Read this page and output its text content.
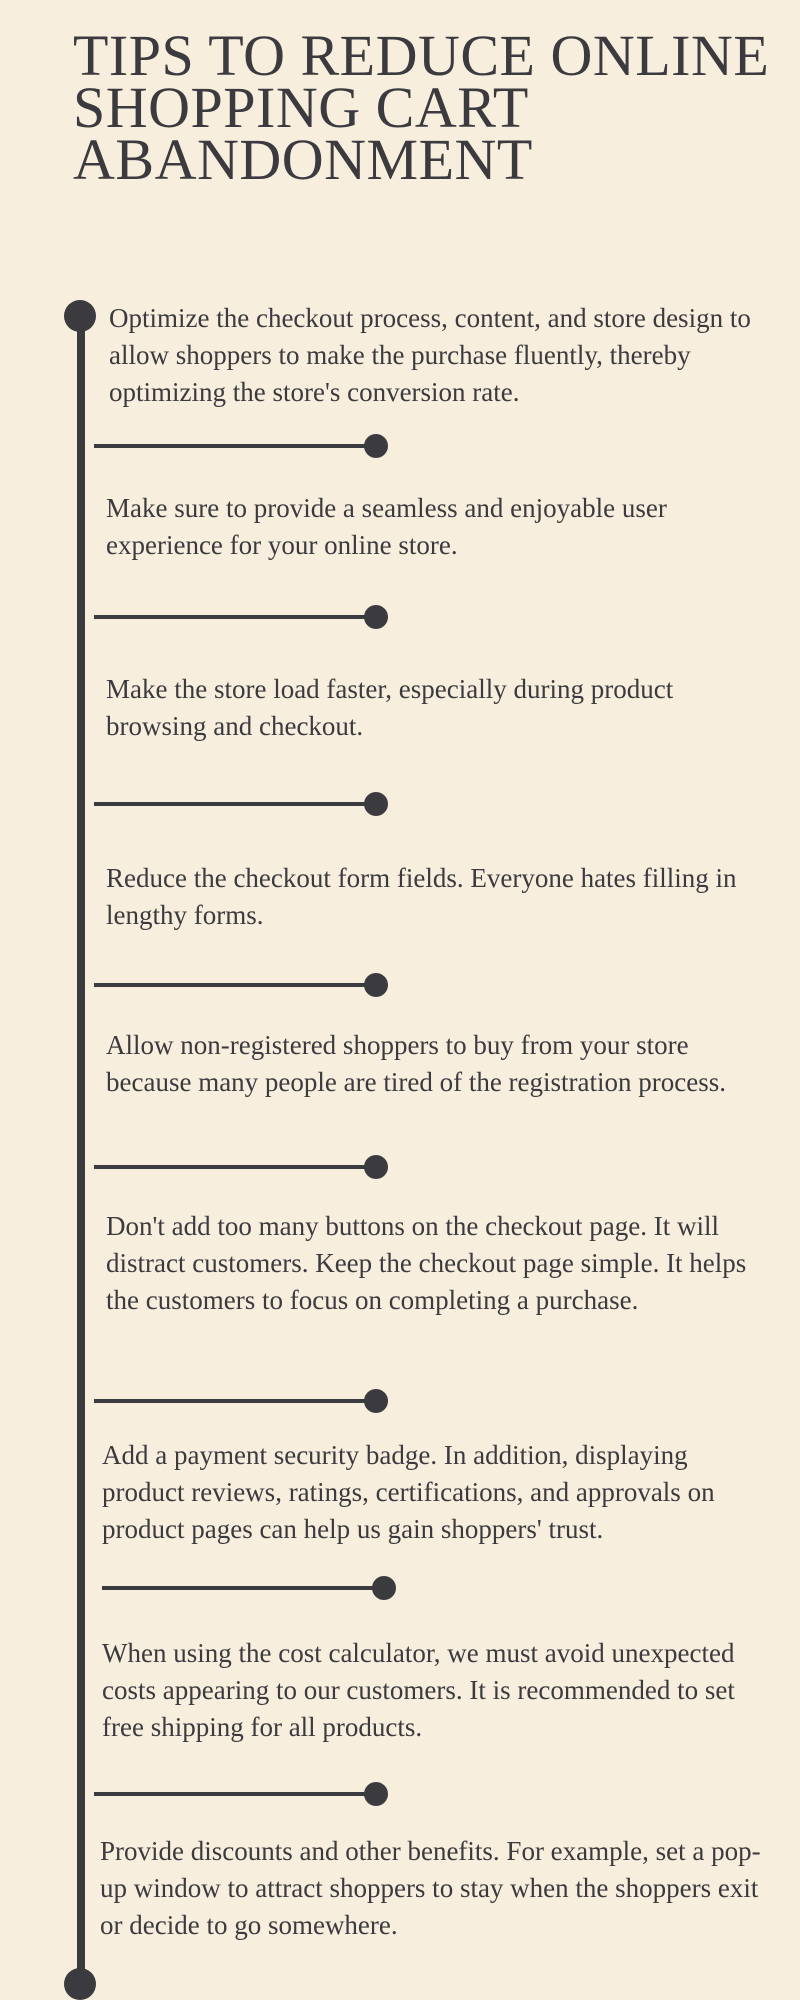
TIPS TO REDUCE ONLINE SHOPPING CART ABANDONMENT

Optimize the checkout process, content, and store design to allow shoppers to make the purchase fluently, thereby optimizing the store's conversion rate.

Make sure to provide a seamless and enjoyable user experience for your online store.

Make the store load faster, especially during product browsing and checkout.

Reduce the checkout form fields. Everyone hates filling in lengthy forms.

Allow non-registered shoppers to buy from your store because many people are tired of the registration process.

Don't add too many buttons on the checkout page. It will distract customers. Keep the checkout page simple. It helps the customers to focus on completing a purchase.

Add a payment security badge. In addition, displaying product reviews, ratings, certifications, and approvals on product pages can help us gain shoppers' trust.

When using the cost calculator, we must avoid unexpected costs appearing to our customers. It is recommended to set free shipping for all products.

Provide discounts and other benefits. For example, set a pop-up window to attract shoppers to stay when the shoppers exit or decide to go somewhere.
